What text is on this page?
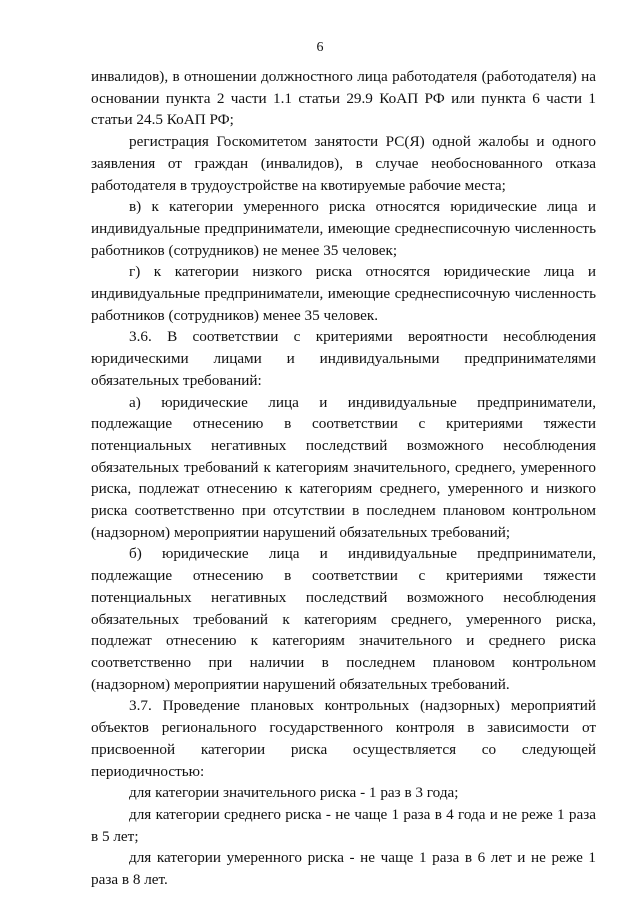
6

инвалидов), в отношении должностного лица работодателя (работодателя) на основании пункта 2 части 1.1 статьи 29.9 КоАП РФ или пункта 6 части 1 статьи 24.5 КоАП РФ;

регистрация Госкомитетом занятости РС(Я) одной жалобы и одного заявления от граждан (инвалидов), в случае необоснованного отказа работодателя в трудоустройстве на квотируемые рабочие места;

в) к категории умеренного риска относятся юридические лица и индивидуальные предприниматели, имеющие среднесписочную численность работников (сотрудников) не менее 35 человек;

г) к категории низкого риска относятся юридические лица и индивидуальные предприниматели, имеющие среднесписочную численность работников (сотрудников) менее 35 человек.

3.6. В соответствии с критериями вероятности несоблюдения юридическими лицами и индивидуальными предпринимателями обязательных требований:

а) юридические лица и индивидуальные предприниматели, подлежащие отнесению в соответствии с критериями тяжести потенциальных негативных последствий возможного несоблюдения обязательных требований к категориям значительного, среднего, умеренного риска, подлежат отнесению к категориям среднего, умеренного и низкого риска соответственно при отсутствии в последнем плановом контрольном (надзорном) мероприятии нарушений обязательных требований;

б) юридические лица и индивидуальные предприниматели, подлежащие отнесению в соответствии с критериями тяжести потенциальных негативных последствий возможного несоблюдения обязательных требований к категориям среднего, умеренного риска, подлежат отнесению к категориям значительного и среднего риска соответственно при наличии в последнем плановом контрольном (надзорном) мероприятии нарушений обязательных требований.

3.7. Проведение плановых контрольных (надзорных) мероприятий объектов регионального государственного контроля в зависимости от присвоенной категории риска осуществляется со следующей периодичностью:

для категории значительного риска - 1 раз в 3 года;

для категории среднего риска - не чаще 1 раза в 4 года и не реже 1 раза в 5 лет;

для категории умеренного риска - не чаще 1 раза в 6 лет и не реже 1 раза в 8 лет.
